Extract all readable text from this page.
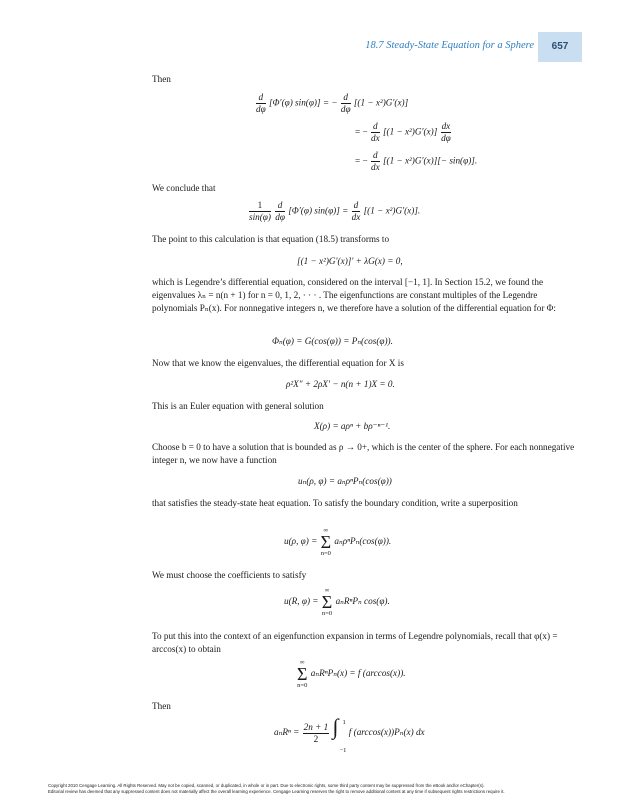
18.7 Steady-State Equation for a Sphere	657
Then
$\frac{d}{d\varphi} [\Phi'(\varphi) \sin(\varphi)]$ = − $\frac{d}{d\varphi} [(1 - x^2)G'(x)]$
= − $\frac{d}{dx} [(1 - x^2)G'(x)] \frac{dx}{d\varphi}$
= − $\frac{d}{dx} [(1 - x^2)G'(x)][- \sin(\varphi)]$.
We conclude that
$\frac{1}{\sin(\varphi)}$
$\frac{d}{d\varphi} [\Phi'(\varphi) \sin(\varphi)] = \frac{d}{dx} [(1 - x^2)G'(x)]$.
The point to this calculation is that equation (18.5) transforms to
[(1 − x²)G′(x)]′ + λG(x) = 0,
which is Legendre’s differential equation, considered on the interval [−1, 1]. In Section 15.2, we found the eigenvalues λₙ = n(n + 1) for n = 0, 1, 2, · · · . The eigenfunctions are constant multiples of the Legendre polynomials Pₙ(x). For nonnegative integers n, we therefore have a solution of the differential equation for Φ:
Φₙ(φ) = G(cos(φ)) = Pₙ(cos(φ)).
Now that we know the eigenvalues, the differential equation for X is
ρ²X″ + 2ρX′ − n(n + 1)X = 0.
This is an Euler equation with general solution
X(ρ) = aρⁿ + bρ⁻ⁿ⁻¹.
Choose b = 0 to have a solution that is bounded as ρ → 0+, which is the center of the sphere. For each nonnegative integer n, we now have a function
uₙ(ρ, φ) = aₙρⁿPₙ(cos(φ))
that satisfies the steady-state heat equation. To satisfy the boundary condition, write a superposition
u(ρ, φ) = ∞
Σ
n=0 aₙρⁿPₙ(cos(φ)).
We must choose the coefficients to satisfy
u(R, φ) = ∞
Σ
n=0 aₙRⁿPₙ cos(φ).
To put this into the context of an eigenfunction expansion in terms of Legendre polynomials, recall that φ(x) = arccos(x) to obtain
∞
Σ
n=0 aₙRⁿPₙ(x) = f (arccos(x)).
Then
$a_nR^n = \frac{2n + 1}{2}$
∫ 1
−1
f (arccos(x))Pₙ(x) dx
Copyright 2010 Cengage Learning. All Rights Reserved. May not be copied, scanned, or duplicated, in whole or in part. Due to electronic rights, some third party content may be suppressed from the eBook and/or eChapter(s).
Editorial review has deemed that any suppressed content does not materially affect the overall learning experience. Cengage Learning reserves the right to remove additional content at any time if subsequent rights restrictions require it.
